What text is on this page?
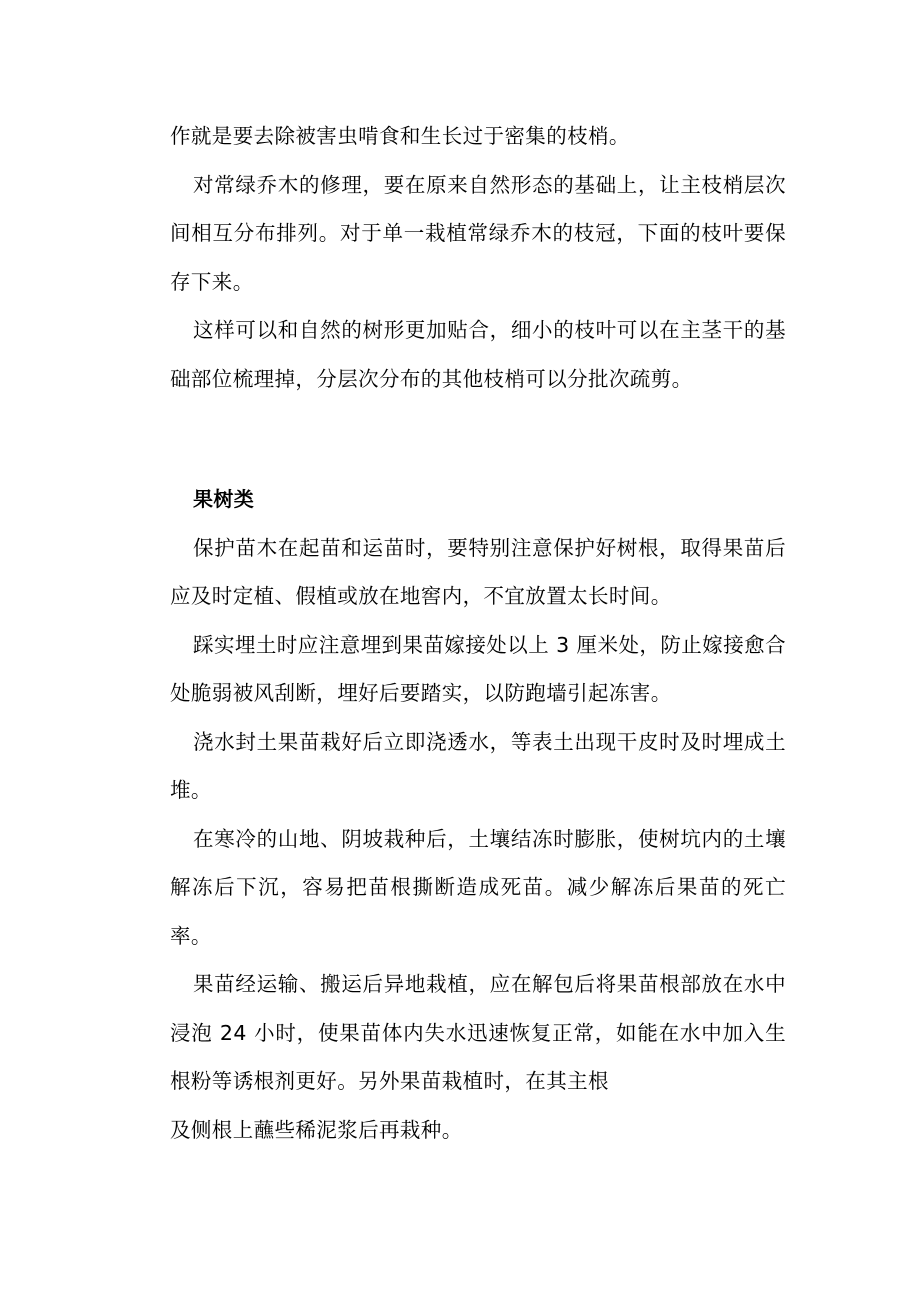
作就是要去除被害虫啃食和生长过于密集的枝梢。

对常绿乔木的修理，要在原来自然形态的基础上，让主枝梢层次间相互分布排列。对于单一栽植常绿乔木的枝冠，下面的枝叶要保存下来。

这样可以和自然的树形更加贴合，细小的枝叶可以在主茎干的基础部位梳理掉，分层次分布的其他枝梢可以分批次疏剪。

果树类

保护苗木在起苗和运苗时，要特别注意保护好树根，取得果苗后应及时定植、假植或放在地窖内，不宜放置太长时间。

踩实埋土时应注意埋到果苗嫁接处以上 3 厘米处，防止嫁接愈合处脆弱被风刮断，埋好后要踏实，以防跑墙引起冻害。

浇水封土果苗栽好后立即浇透水，等表土出现干皮时及时埋成土堆。

在寒冷的山地、阴坡栽种后，土壤结冻时膨胀，使树坑内的土壤解冻后下沉，容易把苗根撕断造成死苗。减少解冻后果苗的死亡率。

果苗经运输、搬运后异地栽植，应在解包后将果苗根部放在水中浸泡 24 小时，使果苗体内失水迅速恢复正常，如能在水中加入生根粉等诱根剂更好。另外果苗栽植时，在其主根

及侧根上蘸些稀泥浆后再栽种。
